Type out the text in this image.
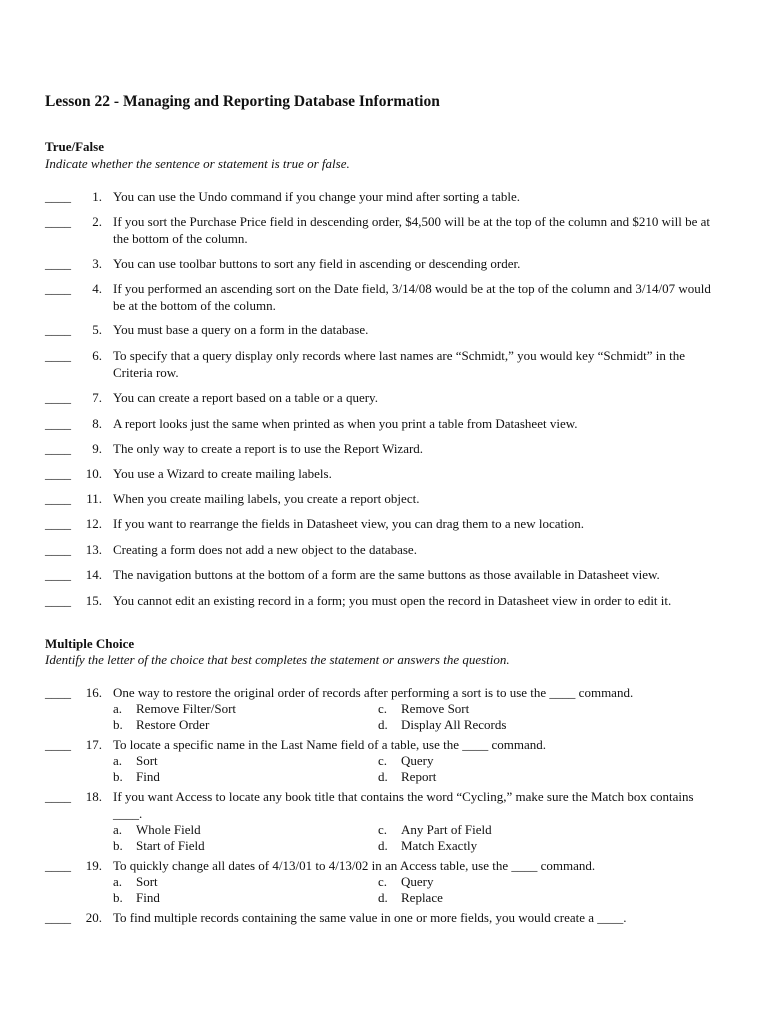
Lesson 22 - Managing and Reporting Database Information
True/False
Indicate whether the sentence or statement is true or false.
____	1. You can use the Undo command if you change your mind after sorting a table.
____	2. If you sort the Purchase Price field in descending order, $4,500 will be at the top of the column and $210 will be at the bottom of the column.
____	3. You can use toolbar buttons to sort any field in ascending or descending order.
____	4. If you performed an ascending sort on the Date field, 3/14/08 would be at the top of the column and 3/14/07 would be at the bottom of the column.
____	5. You must base a query on a form in the database.
____	6. To specify that a query display only records where last names are “Schmidt,” you would key “Schmidt” in the Criteria row.
____	7. You can create a report based on a table or a query.
____	8. A report looks just the same when printed as when you print a table from Datasheet view.
____	9. The only way to create a report is to use the Report Wizard.
____	10. You use a Wizard to create mailing labels.
____	11. When you create mailing labels, you create a report object.
____	12. If you want to rearrange the fields in Datasheet view, you can drag them to a new location.
____	13. Creating a form does not add a new object to the database.
____	14. The navigation buttons at the bottom of a form are the same buttons as those available in Datasheet view.
____	15. You cannot edit an existing record in a form; you must open the record in Datasheet view in order to edit it.
Multiple Choice
Identify the letter of the choice that best completes the statement or answers the question.
____	16. One way to restore the original order of records after performing a sort is to use the ____ command.
a. Remove Filter/Sort
b. Restore Order
c. Remove Sort
d. Display All Records
____	17. To locate a specific name in the Last Name field of a table, use the ____ command.
a. Sort
b. Find
c. Query
d. Report
____	18. If you want Access to locate any book title that contains the word “Cycling,” make sure the Match box contains ____.
a. Whole Field
b. Start of Field
c. Any Part of Field
d. Match Exactly
____	19. To quickly change all dates of 4/13/01 to 4/13/02 in an Access table, use the ____ command.
a. Sort
b. Find
c. Query
d. Replace
____	20. To find multiple records containing the same value in one or more fields, you would create a ____.
